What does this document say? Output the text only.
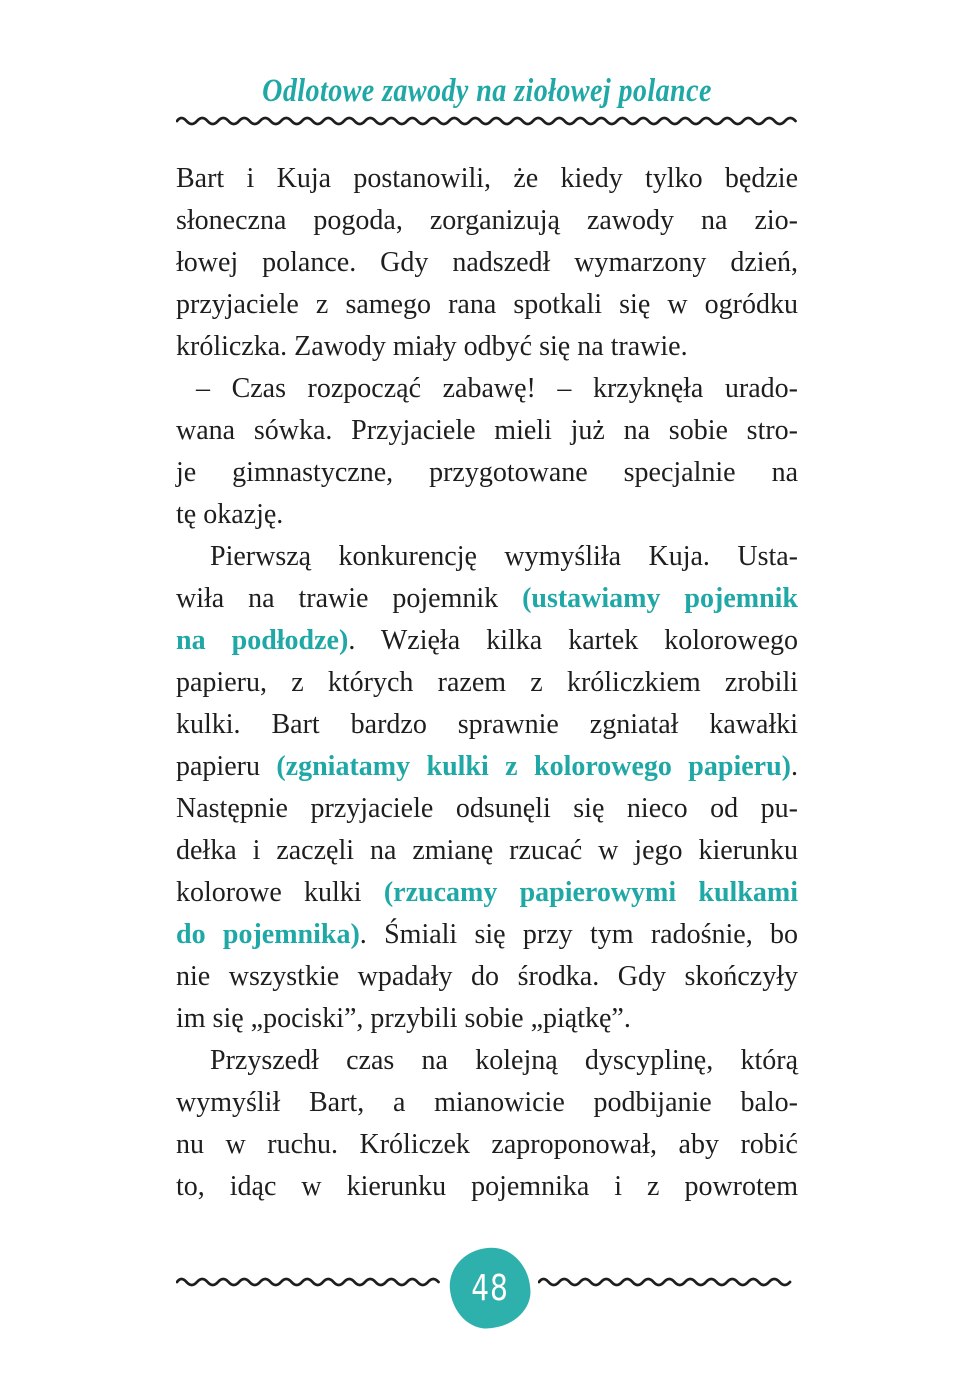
Odlotowe zawody na ziołowej polance

Bart i Kuja postanowili, że kiedy tylko będzie
słoneczna pogoda, zorganizują zawody na zio-
łowej polance. Gdy nadszedł wymarzony dzień,
przyjaciele z samego rana spotkali się w ogródku
króliczka. Zawody miały odbyć się na trawie.

– Czas rozpocząć zabawę! – krzyknęła urado-
wana sówka. Przyjaciele mieli już na sobie stro-
je gimnastyczne, przygotowane specjalnie na
tę okazję.

Pierwszą konkurencję wymyśliła Kuja. Usta-
wiła na trawie pojemnik (ustawiamy pojemnik
na podłodze). Wzięła kilka kartek kolorowego
papieru, z których razem z króliczkiem zrobili
kulki. Bart bardzo sprawnie zgniatał kawałki
papieru (zgniatamy kulki z kolorowego papieru).
Następnie przyjaciele odsunęli się nieco od pu-
dełka i zaczęli na zmianę rzucać w jego kierunku
kolorowe kulki (rzucamy papierowymi kulkami
do pojemnika). Śmiali się przy tym radośnie, bo
nie wszystkie wpadały do środka. Gdy skończyły
im się „pociski”, przybili sobie „piątkę”.

Przyszedł czas na kolejną dyscyplinę, którą
wymyślił Bart, a mianowicie podbijanie balo-
nu w ruchu. Króliczek zaproponował, aby robić
to, idąc w kierunku pojemnika i z powrotem

48
